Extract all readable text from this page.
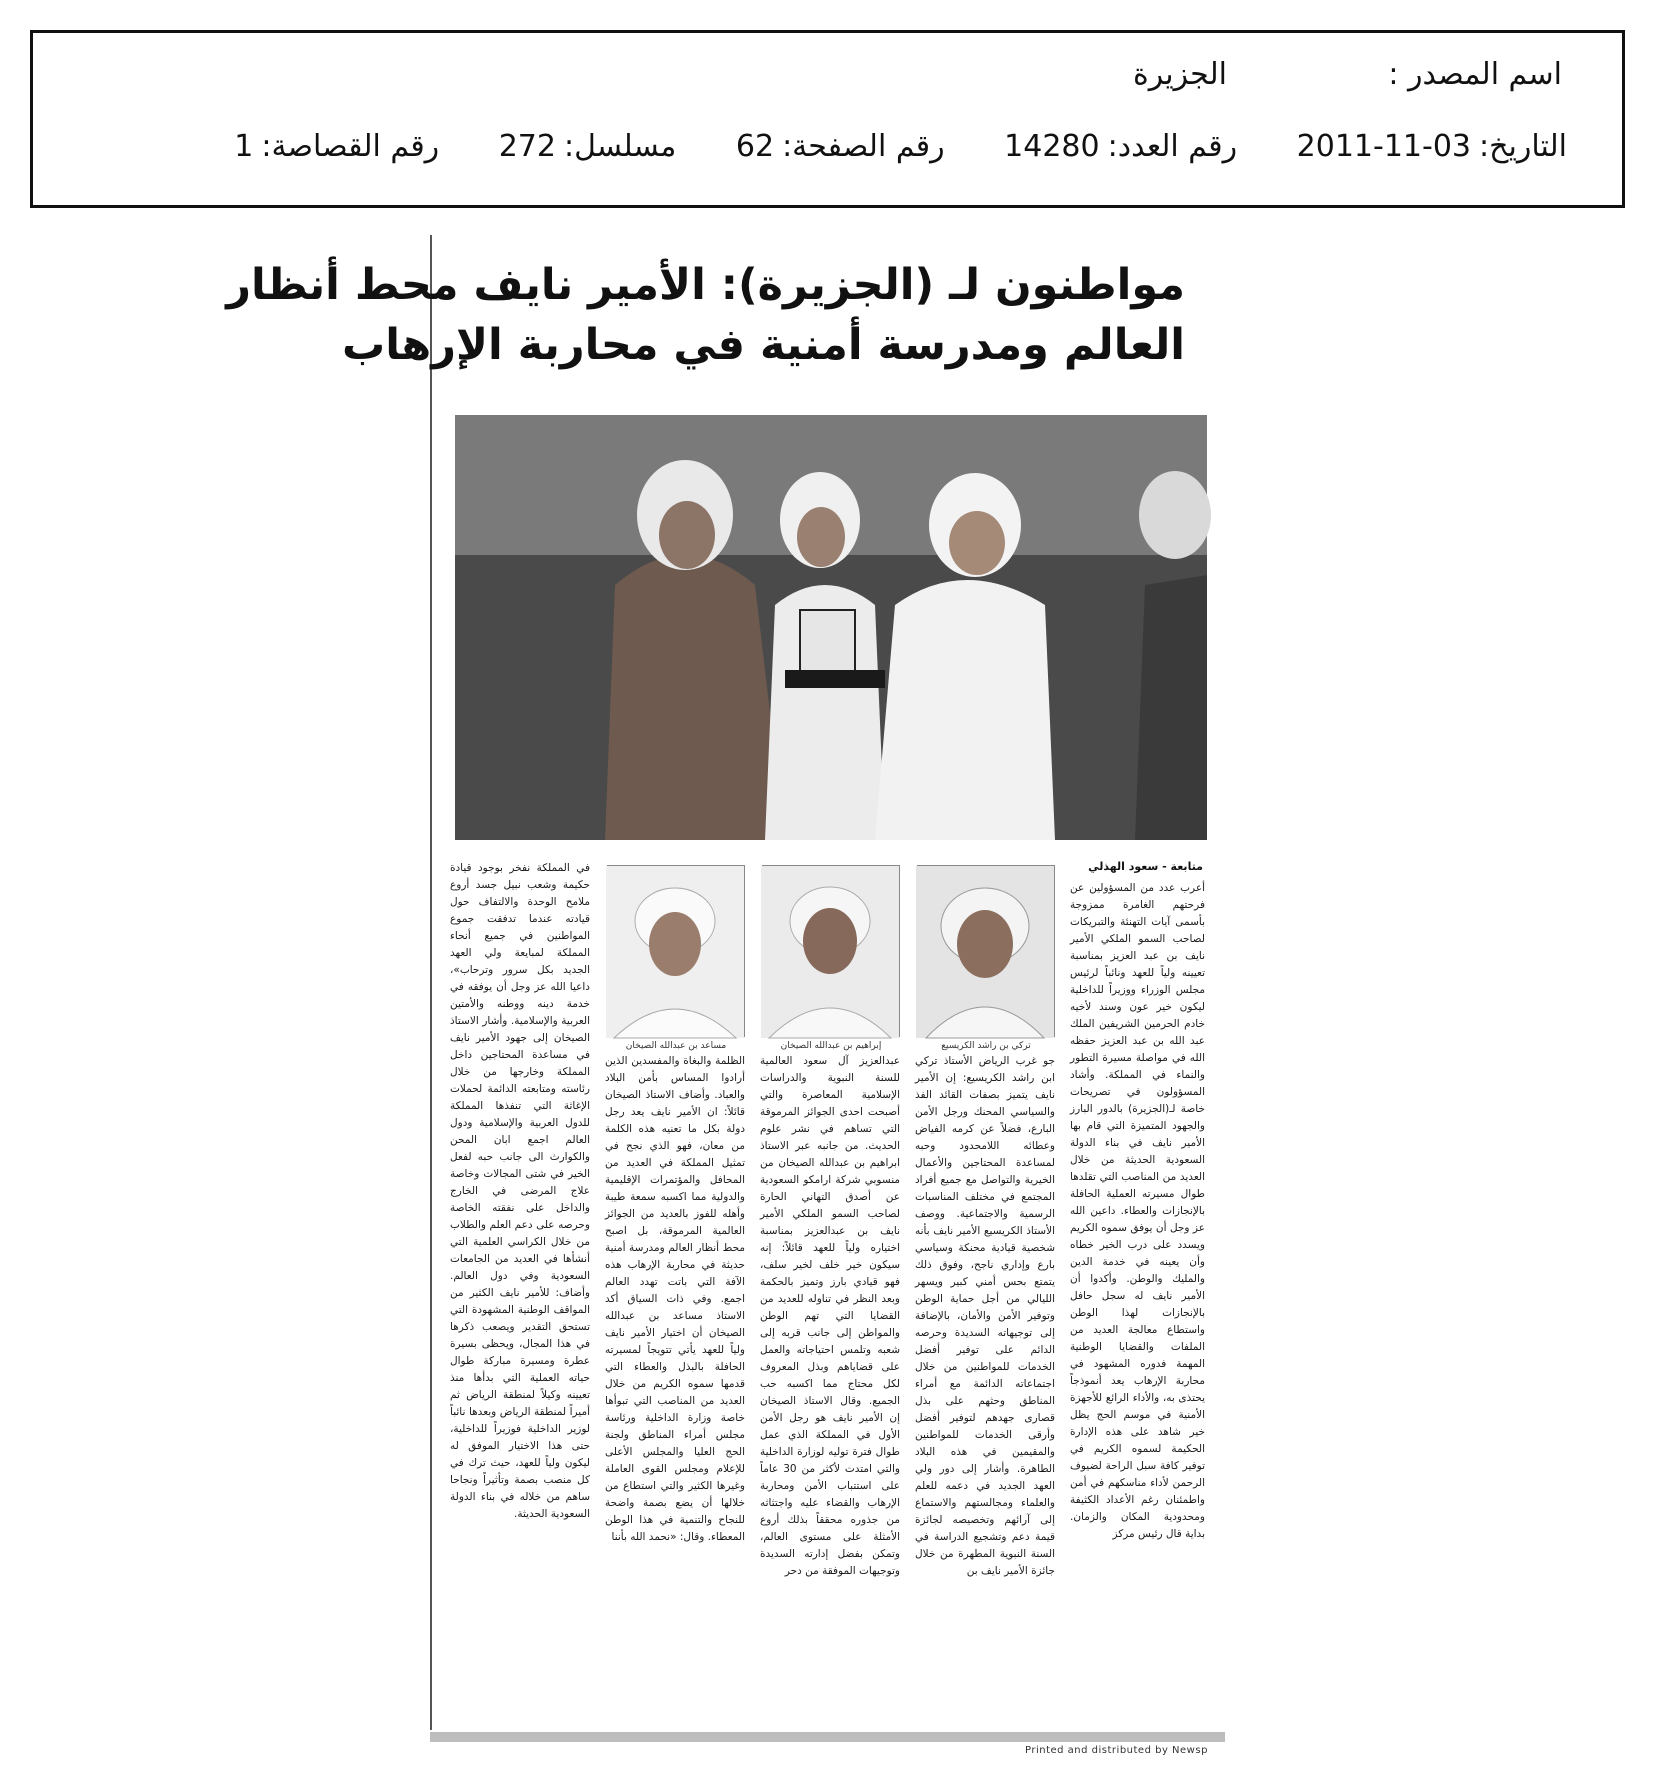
اسم المصدر :
الجزيرة
التاريخ:2011-11-03 رقم العدد:14280 رقم الصفحة:62 مسلسل:272 رقم القصاصة:1
مواطنون لـ (الجزيرة): الأمير نايف محط أنظار
العالم ومدرسة أمنية في محاربة الإرهاب
متابعة - سعود الهذلي
تركي بن راشد الكريسيع
إبراهيم بن عبدالله الصيخان
مساعد بن عبدالله الصيخان
أعرب عدد من المسؤولين عن فرحتهم الغامرة ممزوجة بأسمى آيات التهنئة والتبريكات لصاحب السمو الملكي الأمير نايف بن عبد العزيز بمناسبة تعيينه ولياً للعهد ونائباً لرئيس مجلس الوزراء ووزيراً للداخلية ليكون خير عون وسند لأخيه خادم الحرمين الشريفين الملك عبد الله بن عبد العزيز حفظه الله في مواصلة مسيرة التطور والنماء في المملكة. وأشاد المسؤولون في تصريحات خاصة لـ(الجزيرة) بالدور البارز والجهود المتميزة التي قام بها الأمير نايف في بناء الدولة السعودية الحديثة من خلال العديد من المناصب التي تقلدها طوال مسيرته العملية الحافلة بالإنجازات والعطاء. داعين الله عز وجل أن يوفق سموه الكريم ويسدد على درب الخير خطاه وأن يعينه في خدمة الدين والمليك والوطن. وأكدوا أن الأمير نايف له سجل حافل بالإنجازات لهذا الوطن واستطاع معالجة العديد من الملفات والقضايا الوطنية المهمة فدوره المشهود في محاربة الإرهاب يعد أنموذجاً يحتذى به، والأداء الرائع للأجهزة الأمنية في موسم الحج يظل خير شاهد على هذه الإدارة الحكيمة لسموه الكريم في توفير كافة سبل الراحة لضيوف الرحمن لأداء مناسكهم في أمن واطمئنان رغم الأعداد الكثيفة ومحدودية المكان والزمان. بداية قال رئيس مركز
جو غرب الرياض الأستاذ تركي ابن راشد الكريسيع: إن الأمير نايف يتميز بصفات القائد الفذ والسياسي المحنك ورجل الأمن البارع، فضلاً عن كرمه الفياض وعطائه اللامحدود وحبه لمساعدة المحتاجين والأعمال الخيرية والتواصل مع جميع أفراد المجتمع في مختلف المناسبات الرسمية والاجتماعية. ووصف الأستاذ الكريسيع الأمير نايف بأنه شخصية قيادية محنكة وسياسي بارع وإداري ناجح، وفوق ذلك يتمتع بحس أمني كبير ويسهر الليالي من أجل حماية الوطن وتوفير الأمن والأمان، بالإضافة إلى توجيهاته السديدة وحرصه الدائم على توفير أفضل الخدمات للمواطنين من خلال اجتماعاته الدائمة مع أمراء المناطق وحثهم على بذل قصارى جهدهم لتوفير أفضل وأرقى الخدمات للمواطنين والمقيمين في هذه البلاد الطاهرة. وأشار إلى دور ولي العهد الجديد في دعمه للعلم والعلماء ومجالستهم والاستماع إلى آرائهم وتخصيصه لجائزة قيمة دعم وتشجيع الدراسة في السنة النبوية المطهرة من خلال جائزة الأمير نايف بن
عبدالعزيز آل سعود العالمية للسنة النبوية والدراسات الإسلامية المعاصرة والتي أصبحت احدى الجوائز المرموقة التي تساهم في نشر علوم الحديث. من جانبه عبر الاستاذ ابراهيم بن عبدالله الصيخان من منسوبي شركة ارامكو السعودية عن أصدق التهاني الحارة لصاحب السمو الملكي الأمير نايف بن عبدالعزيز بمناسبة اختياره ولياً للعهد قائلاً: إنه سيكون خير خلف لخير سلف، فهو قيادي بارز وتميز بالحكمة وبعد النظر في تناوله للعديد من القضايا التي تهم الوطن والمواطن إلى جانب قربه إلى شعبه وتلمس احتياجاته والعمل على قضاياهم وبذل المعروف لكل محتاج مما اكسبه حب الجميع. وقال الاستاذ الصيخان إن الأمير نايف هو رجل الأمن الأول في المملكة الذي عمل طوال فترة توليه لوزارة الداخلية والتي امتدت لأكثر من 30 عاماً على استتباب الأمن ومحاربة الإرهاب والقضاء عليه واجتثاثه من جذوره محققاً بذلك أروع الأمثلة على مستوى العالم، وتمكن بفضل إدارته السديدة وتوجيهات الموفقة من دحر
الظلمة والبغاة والمفسدين الذين أرادوا المساس بأمن البلاد والعباد. وأضاف الاستاذ الصيخان قائلاً: ان الأمير نايف يعد رجل دولة بكل ما تعنيه هذه الكلمة من معان، فهو الذي نجح في تمثيل المملكة في العديد من المحافل والمؤتمرات الإقليمية والدولية مما اكسبه سمعة طيبة وأهله للفوز بالعديد من الجوائز العالمية المرموقة، بل اصبح محط أنظار العالم ومدرسة أمنية حديثة في محاربة الإرهاب هذه الآفة التي باتت تهدد العالم اجمع. وفي ذات السياق أكد الاستاذ مساعد بن عبدالله الصيخان أن اختيار الأمير نايف ولياً للعهد يأتي تتويجاً لمسيرته الحافلة بالبذل والعطاء التي قدمها سموه الكريم من خلال العديد من المناصب التي تبوأها خاصة وزارة الداخلية ورئاسة مجلس أمراء المناطق ولجنة الحج العليا والمجلس الأعلى للإعلام ومجلس القوى العاملة وغيرها الكثير والتي استطاع من خلالها أن يضع بصمة واضحة للنجاح والتنمية في هذا الوطن المعطاء. وقال: «نحمد الله بأننا
في المملكة نفخر بوجود قيادة حكيمة وشعب نبيل جسد أروع ملامح الوحدة والالتفاف حول قيادته عندما تدفقت جموع المواطنين في جميع أنحاء المملكة لمبايعة ولي العهد الجديد بكل سرور وترحاب»، داعيا الله عز وجل أن يوفقه في خدمة دينه ووطنه والأمتين العربية والإسلامية. وأشار الاستاذ الصيخان إلى جهود الأمير نايف في مساعدة المحتاجين داخل المملكة وخارجها من خلال رئاسته ومتابعته الدائمة لحملات الإغاثة التي تنفذها المملكة للدول العربية والإسلامية ودول العالم اجمع ابان المحن والكوارث الى جانب حبه لفعل الخير في شتى المجالات وخاصة علاج المرضى في الخارج والداخل على نفقته الخاصة وحرصه على دعم العلم والطلاب من خلال الكراسي العلمية التي أنشأها في العديد من الجامعات السعودية وفي دول العالم. وأضاف: للأمير نايف الكثير من المواقف الوطنية المشهودة التي تستحق التقدير ويصعب ذكرها في هذا المجال، ويحظى بسيرة عطرة ومسيرة مباركة طوال حياته العملية التي بدأها منذ تعيينه وكيلاً لمنطقة الرياض ثم أميراً لمنطقة الرياض وبعدها نائباً لوزير الداخلية فوزيراً للداخلية، حتى هذا الاختيار الموفق له ليكون ولياً للعهد، حيث ترك في كل منصب بصمة وتأثيراً ونجاحا ساهم من خلاله في بناء الدولة السعودية الحديثة.
Printed and distributed by Newsp
